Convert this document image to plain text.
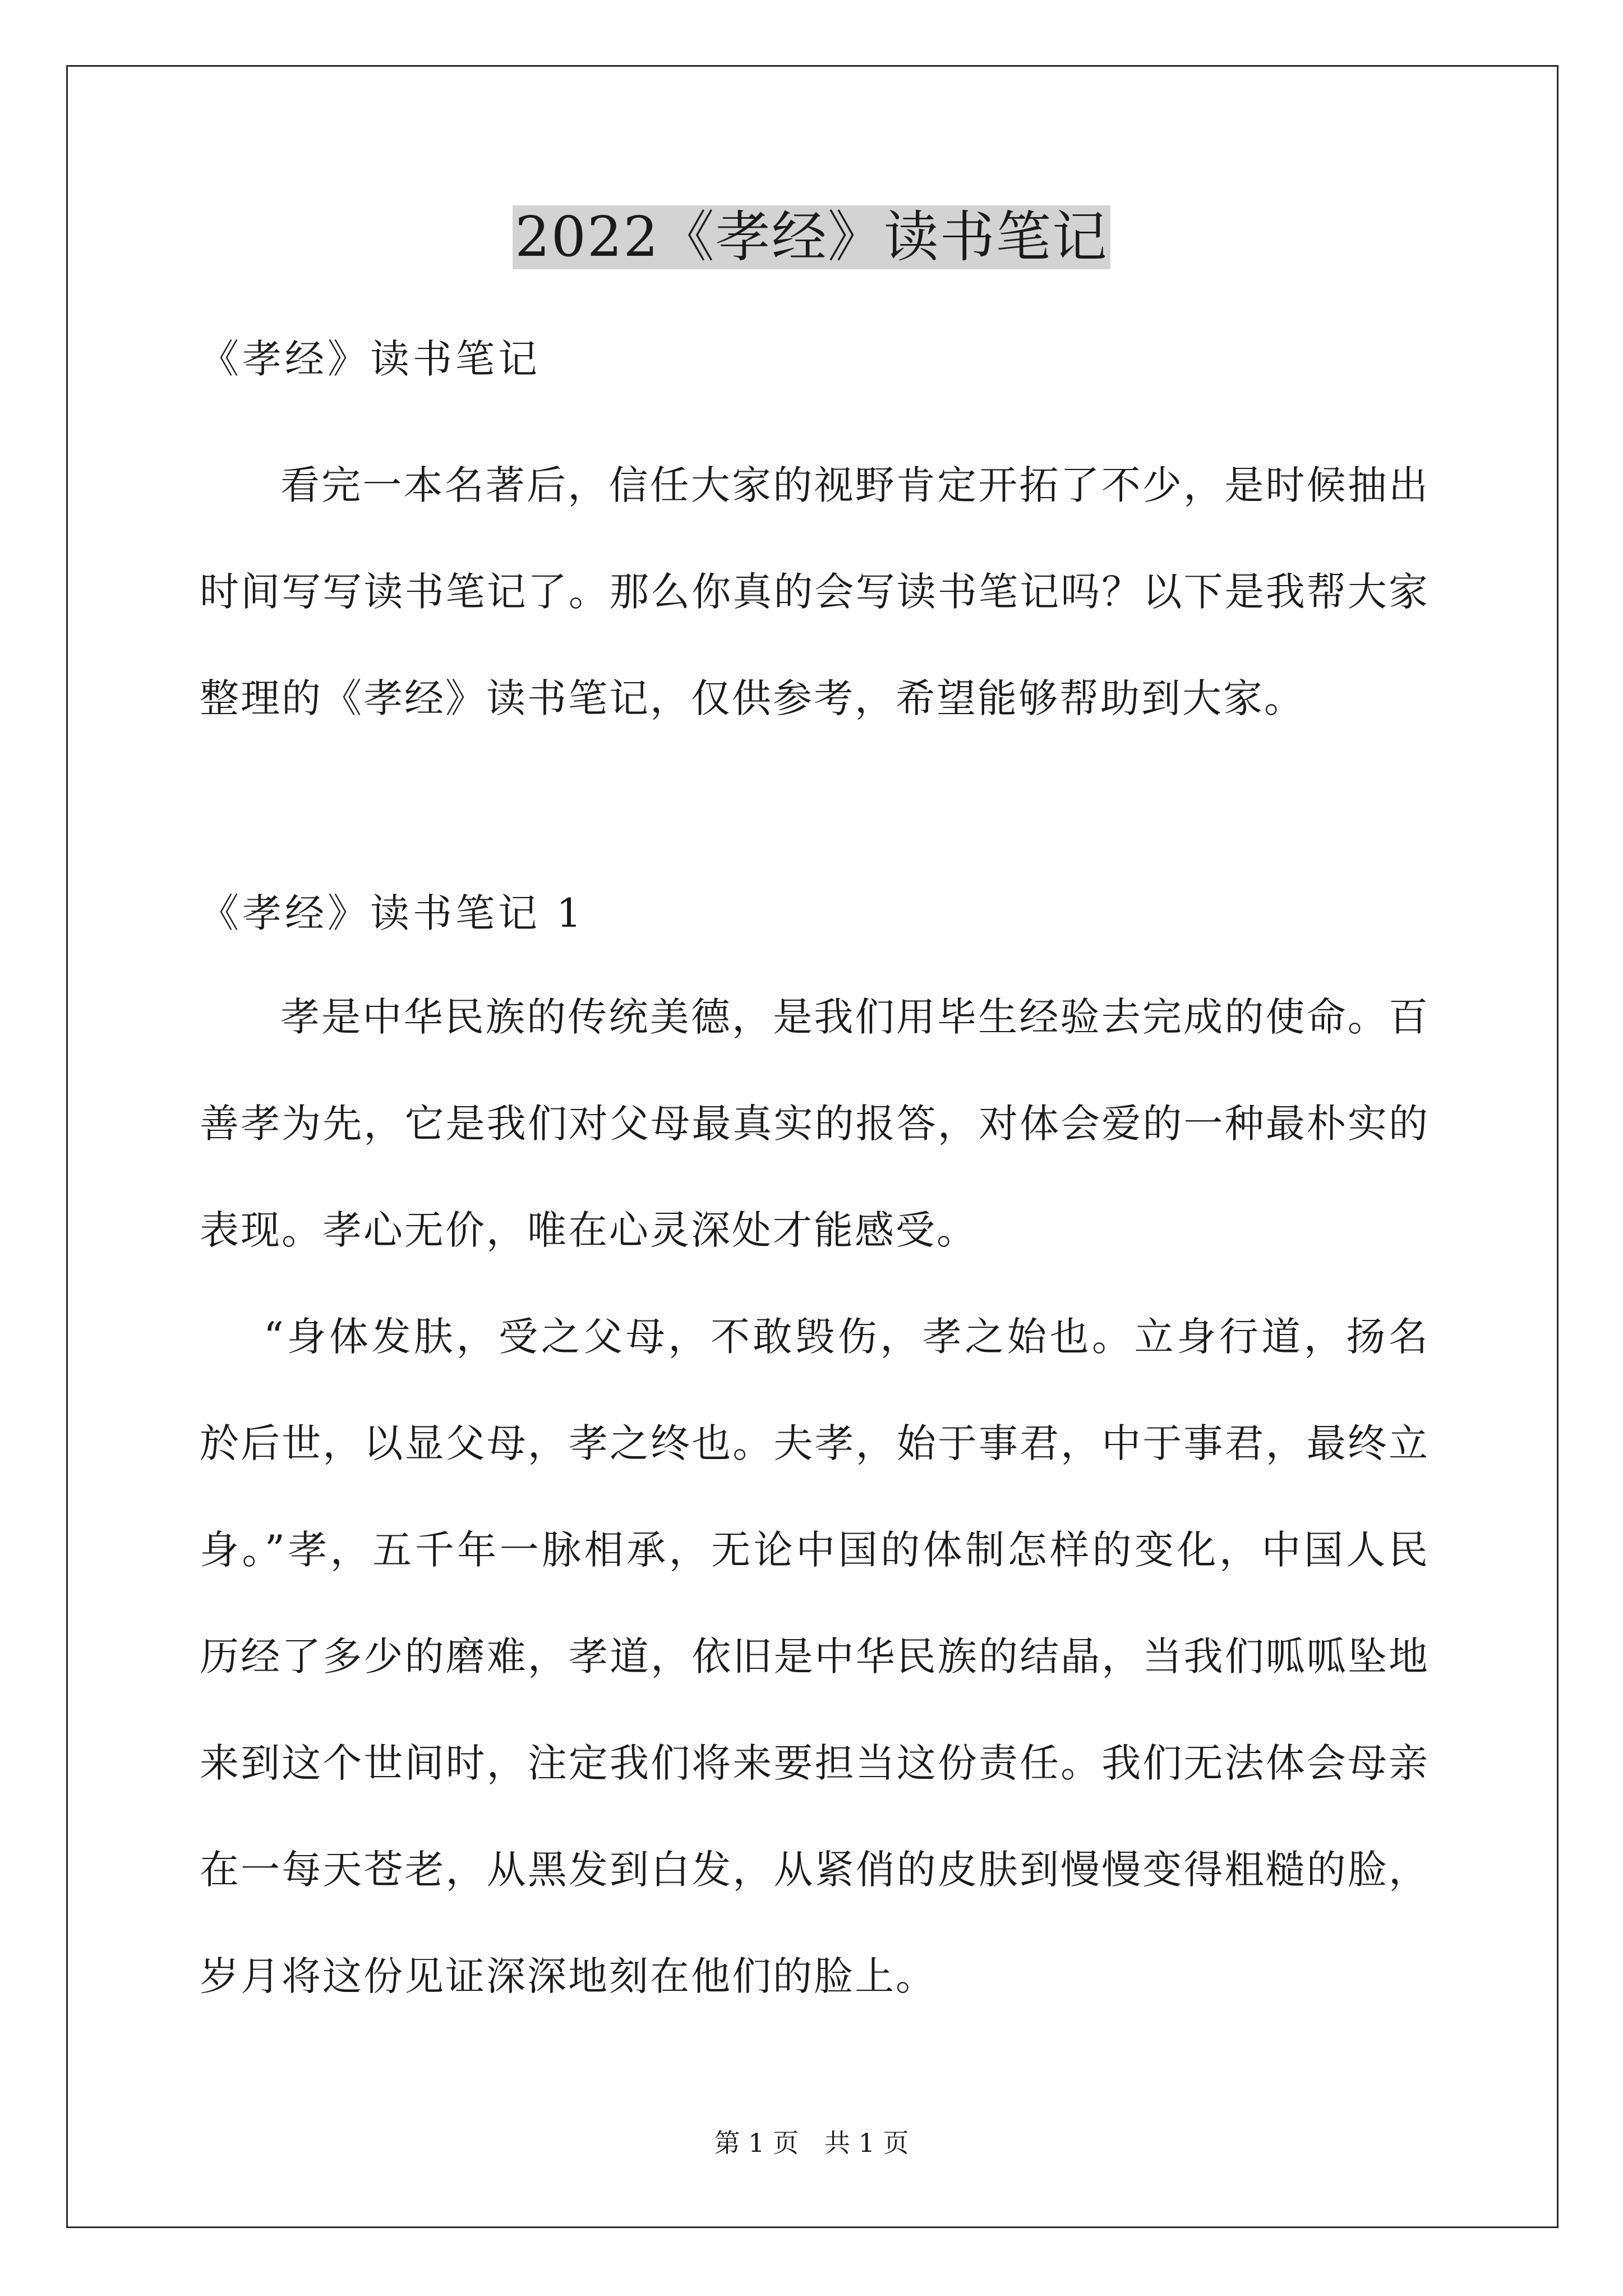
2022《孝经》读书笔记
《孝经》读书笔记
看完一本名著后，信任大家的视野肯定开拓了不少，是时候抽出
时间写写读书笔记了。那么你真的会写读书笔记吗？以下是我帮大家
整理的《孝经》读书笔记，仅供参考，希望能够帮助到大家。
《孝经》读书笔记 1
孝是中华民族的传统美德，是我们用毕生经验去完成的使命。百
善孝为先，它是我们对父母最真实的报答，对体会爱的一种最朴实的
表现。孝心无价，唯在心灵深处才能感受。
“身体发肤，受之父母，不敢毁伤，孝之始也。立身行道，扬名
於后世，以显父母，孝之终也。夫孝，始于事君，中于事君，最终立
身。”孝，五千年一脉相承，无论中国的体制怎样的变化，中国人民
历经了多少的磨难，孝道，依旧是中华民族的结晶，当我们呱呱坠地
来到这个世间时，注定我们将来要担当这份责任。我们无法体会母亲
在一每天苍老，从黑发到白发，从紧俏的皮肤到慢慢变得粗糙的脸，
岁月将这份见证深深地刻在他们的脸上。
第 1 页　共 1 页
